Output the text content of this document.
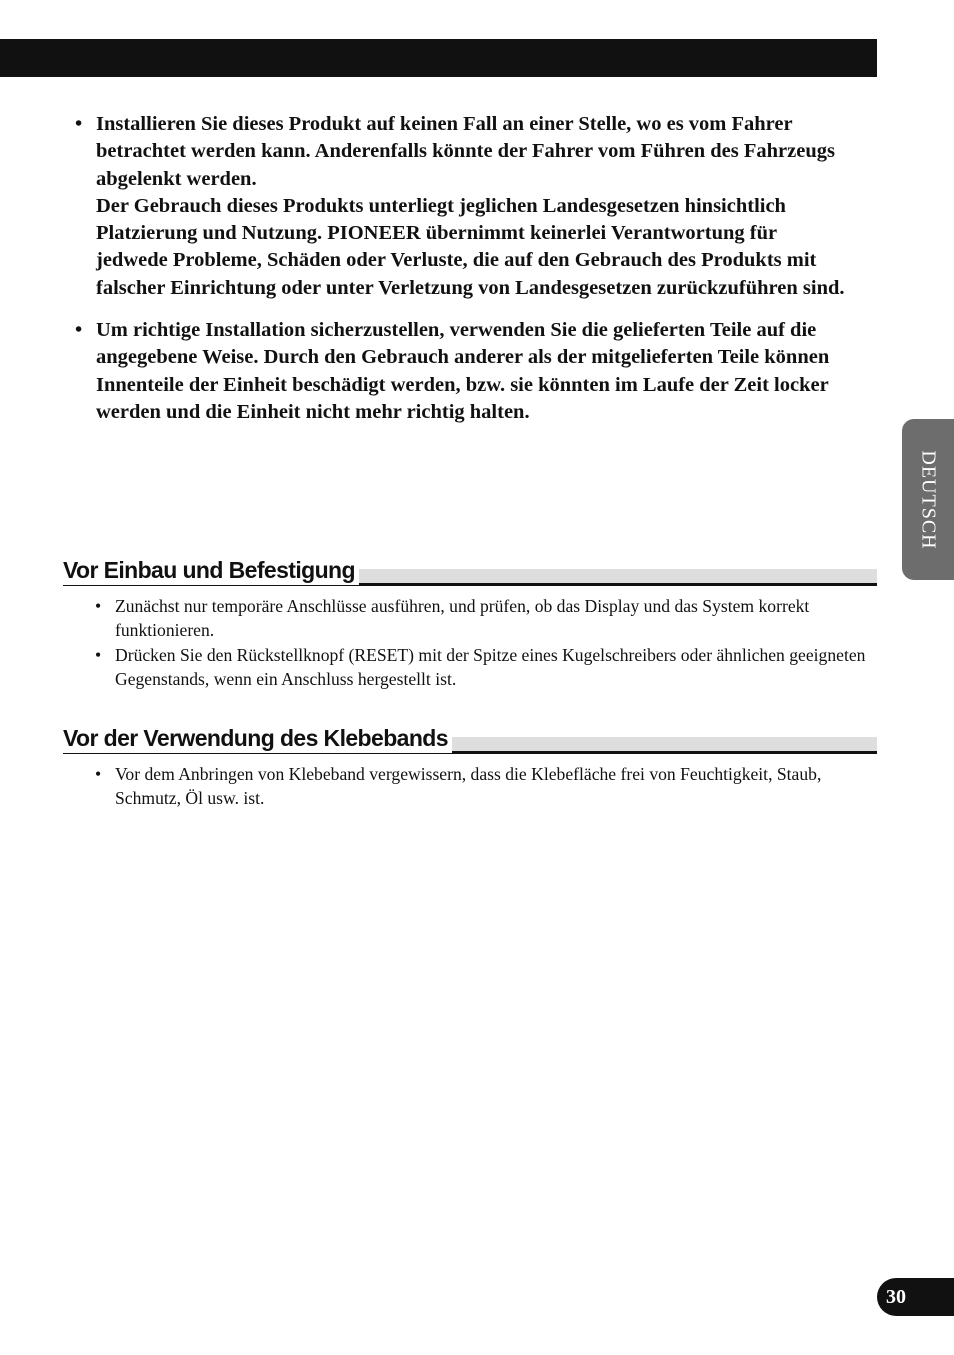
• Installieren Sie dieses Produkt auf keinen Fall an einer Stelle, wo es vom Fahrer betrachtet werden kann. Anderenfalls könnte der Fahrer vom Führen des Fahrzeugs abgelenkt werden.

Der Gebrauch dieses Produkts unterliegt jeglichen Landesgesetzen hinsichtlich Platzierung und Nutzung. PIONEER übernimmt keinerlei Verantwortung für jedwede Probleme, Schäden oder Verluste, die auf den Gebrauch des Produkts mit falscher Einrichtung oder unter Verletzung von Landesgesetzen zurückzuführen sind.

• Um richtige Installation sicherzustellen, verwenden Sie die gelieferten Teile auf die angegebene Weise. Durch den Gebrauch anderer als der mitgelieferten Teile können Innenteile der Einheit beschädigt werden, bzw. sie könnten im Laufe der Zeit locker werden und die Einheit nicht mehr richtig halten.

Vor Einbau und Befestigung
• Zunächst nur temporäre Anschlüsse ausführen, und prüfen, ob das Display und das System korrekt funktionieren.
• Drücken Sie den Rückstellknopf (RESET) mit der Spitze eines Kugelschreibers oder ähnlichen geeigneten Gegenstands, wenn ein Anschluss hergestellt ist.
Vor der Verwendung des Klebebands
• Vor dem Anbringen von Klebeband vergewissern, dass die Klebefläche frei von Feuchtigkeit, Staub, Schmutz, Öl usw. ist.
DEUTSCH
30
